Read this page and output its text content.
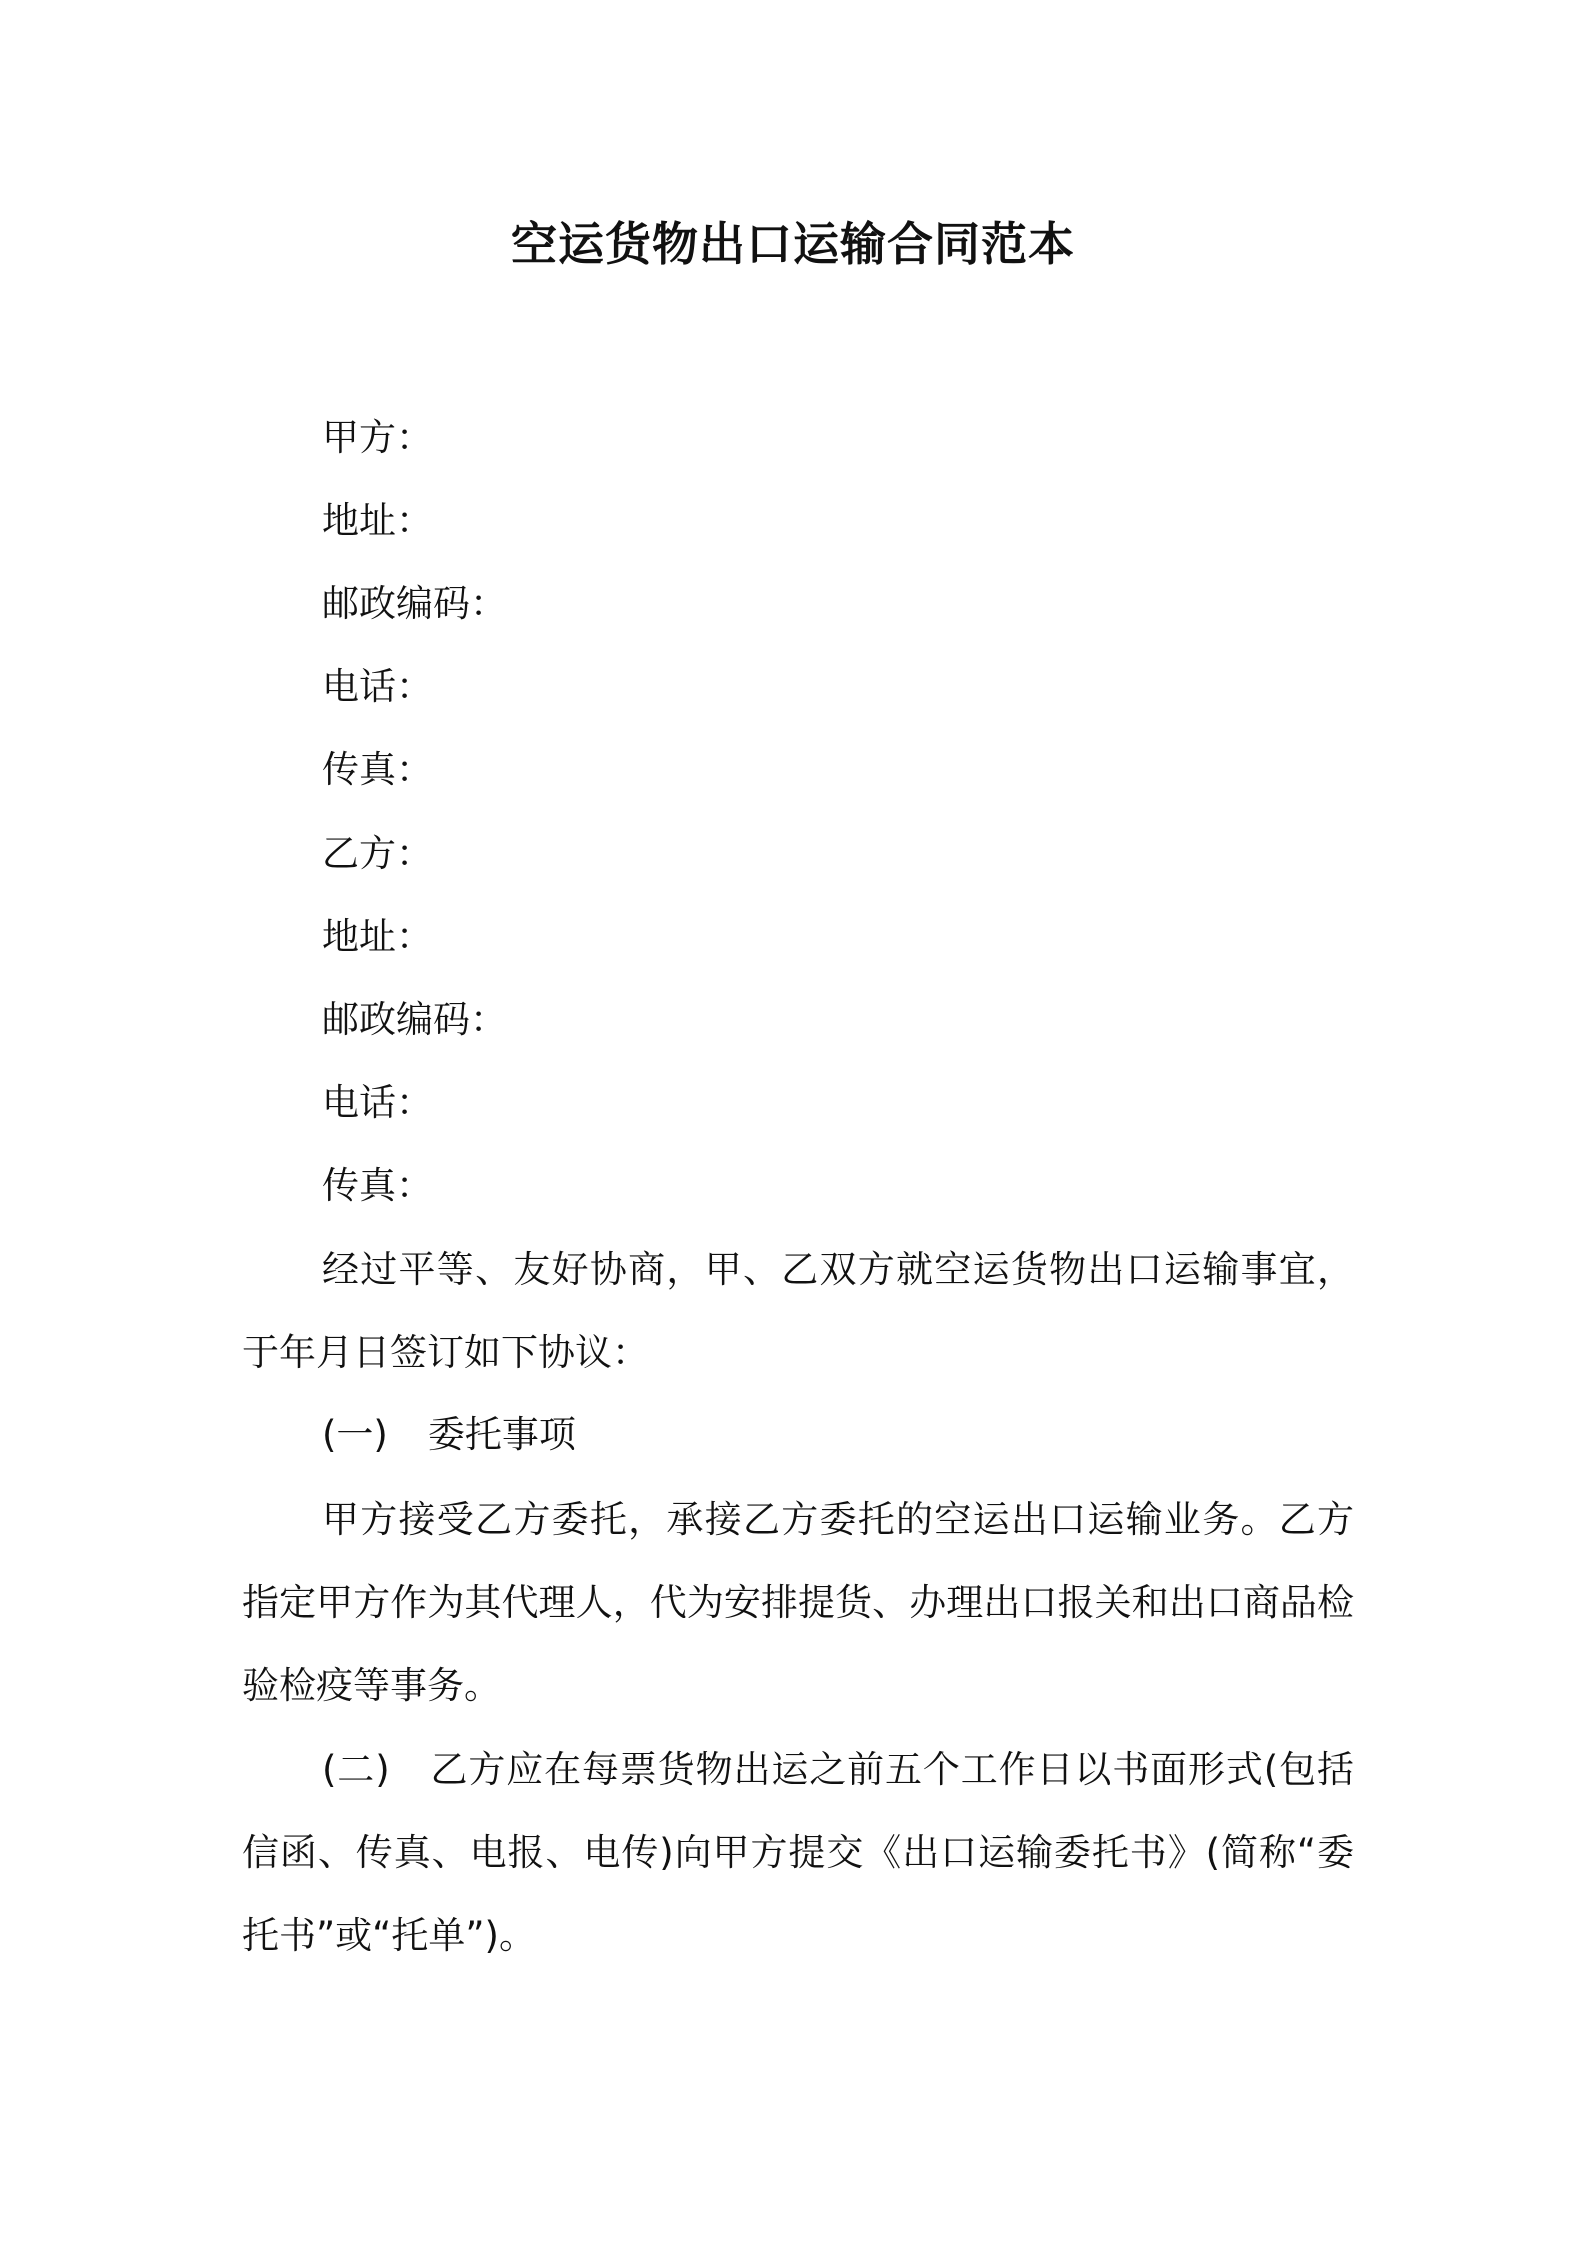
空运货物出口运输合同范本

甲方：

地址：

邮政编码：

电话：

传真：

乙方：

地址：

邮政编码：

电话：

传真：

经过平等、友好协商，甲、乙双方就空运货物出口运输事宜，于年月日签订如下协议：

(一) 委托事项

甲方接受乙方委托，承接乙方委托的空运出口运输业务。乙方指定甲方作为其代理人，代为安排提货、办理出口报关和出口商品检验检疫等事务。

(二) 乙方应在每票货物出运之前五个工作日以书面形式(包括信函、传真、电报、电传)向甲方提交《出口运输委托书》(简称“委托书”或“托单”)。
